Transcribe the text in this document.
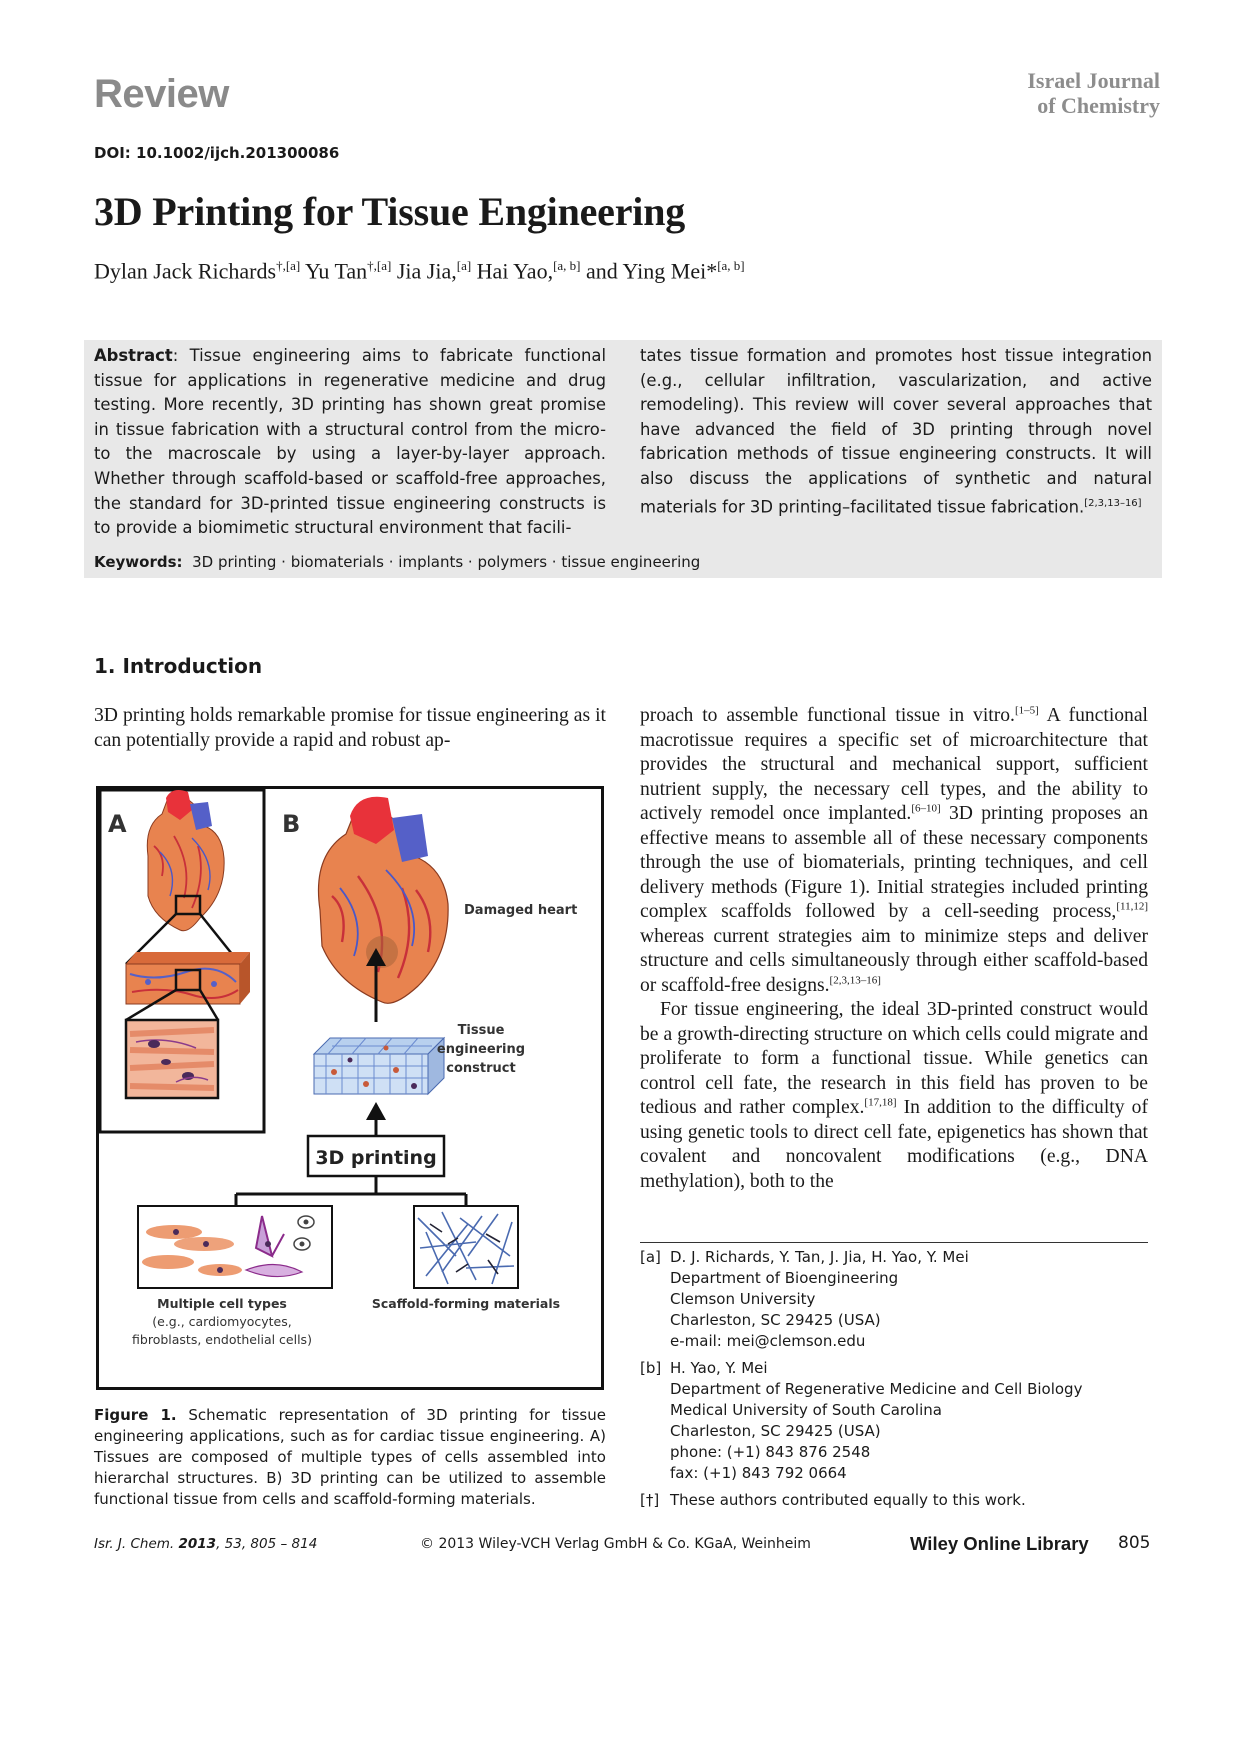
Review	Israel Journal
of Chemistry
DOI: 10.1002/ijch.201300086
3D Printing for Tissue Engineering
Dylan Jack Richards$^{\dagger,[a]}$ Yu Tan$^{\dagger,[a]}$ Jia Jia,[a] Hai Yao,[a, b] and Ying Mei*[a, b]
Abstract: Tissue engineering aims to fabricate functional tissue for applications in regenerative medicine and drug testing. More recently, 3D printing has shown great promise in tissue fabrication with a structural control from the micro- to the macroscale by using a layer-by-layer approach. Whether through scaffold-based or scaffold-free approaches, the standard for 3D-printed tissue engineering constructs is to provide a biomimetic structural environment that facili-
tates tissue formation and promotes host tissue integration (e.g., cellular infiltration, vascularization, and active remodeling). This review will cover several approaches that have advanced the field of 3D printing through novel fabrication methods of tissue engineering constructs. It will also discuss the applications of synthetic and natural materials for 3D printing–facilitated tissue fabrication.[2,3,13–16]
Keywords: 3D printing · biomaterials · implants · polymers · tissue engineering
1. Introduction
3D printing holds remarkable promise for tissue engineering as it can potentially provide a rapid and robust ap-
proach to assemble functional tissue in vitro.[1–5] A functional macrotissue requires a specific set of microarchitecture that provides the structural and mechanical support, sufficient nutrient supply, the necessary cell types, and the ability to actively remodel once implanted.[6–10] 3D printing proposes an effective means to assemble all of these necessary components through the use of biomaterials, printing techniques, and cell delivery methods (Figure 1). Initial strategies included printing complex scaffolds followed by a cell-seeding process,[11,12] whereas current strategies aim to minimize steps and deliver structure and cells simultaneously through either scaffold-based or scaffold-free designs.[2,3,13–16]
For tissue engineering, the ideal 3D-printed construct would be a growth-directing structure on which cells could migrate and proliferate to form a functional tissue. While genetics can control cell fate, the research in this field has proven to be tedious and rather complex.[17,18] In addition to the difficulty of using genetic tools to direct cell fate, epigenetics has shown that covalent and noncovalent modifications (e.g., DNA methylation), both to the
A	B
Damaged heart
Tissue
engineering
construct
3D printing
Multiple cell types
(e.g., cardiomyocytes,
fibroblasts, endothelial cells)
Scaffold-forming materials
Figure 1. Schematic representation of 3D printing for tissue engineering applications, such as for cardiac tissue engineering. A) Tissues are composed of multiple types of cells assembled into hierarchal structures. B) 3D printing can be utilized to assemble functional tissue from cells and scaffold-forming materials.
[a] D. J. Richards, Y. Tan, J. Jia, H. Yao, Y. Mei
Department of Bioengineering
Clemson University
Charleston, SC 29425 (USA)
e-mail: mei@clemson.edu
[b] H. Yao, Y. Mei
Department of Regenerative Medicine and Cell Biology
Medical University of South Carolina
Charleston, SC 29425 (USA)
phone: (+1) 843 876 2548
fax: (+1) 843 792 0664
[†] These authors contributed equally to this work.
Isr. J. Chem. 2013, 53, 805 – 814	© 2013 Wiley-VCH Verlag GmbH & Co. KGaA, Weinheim	Wiley Online Library 805
